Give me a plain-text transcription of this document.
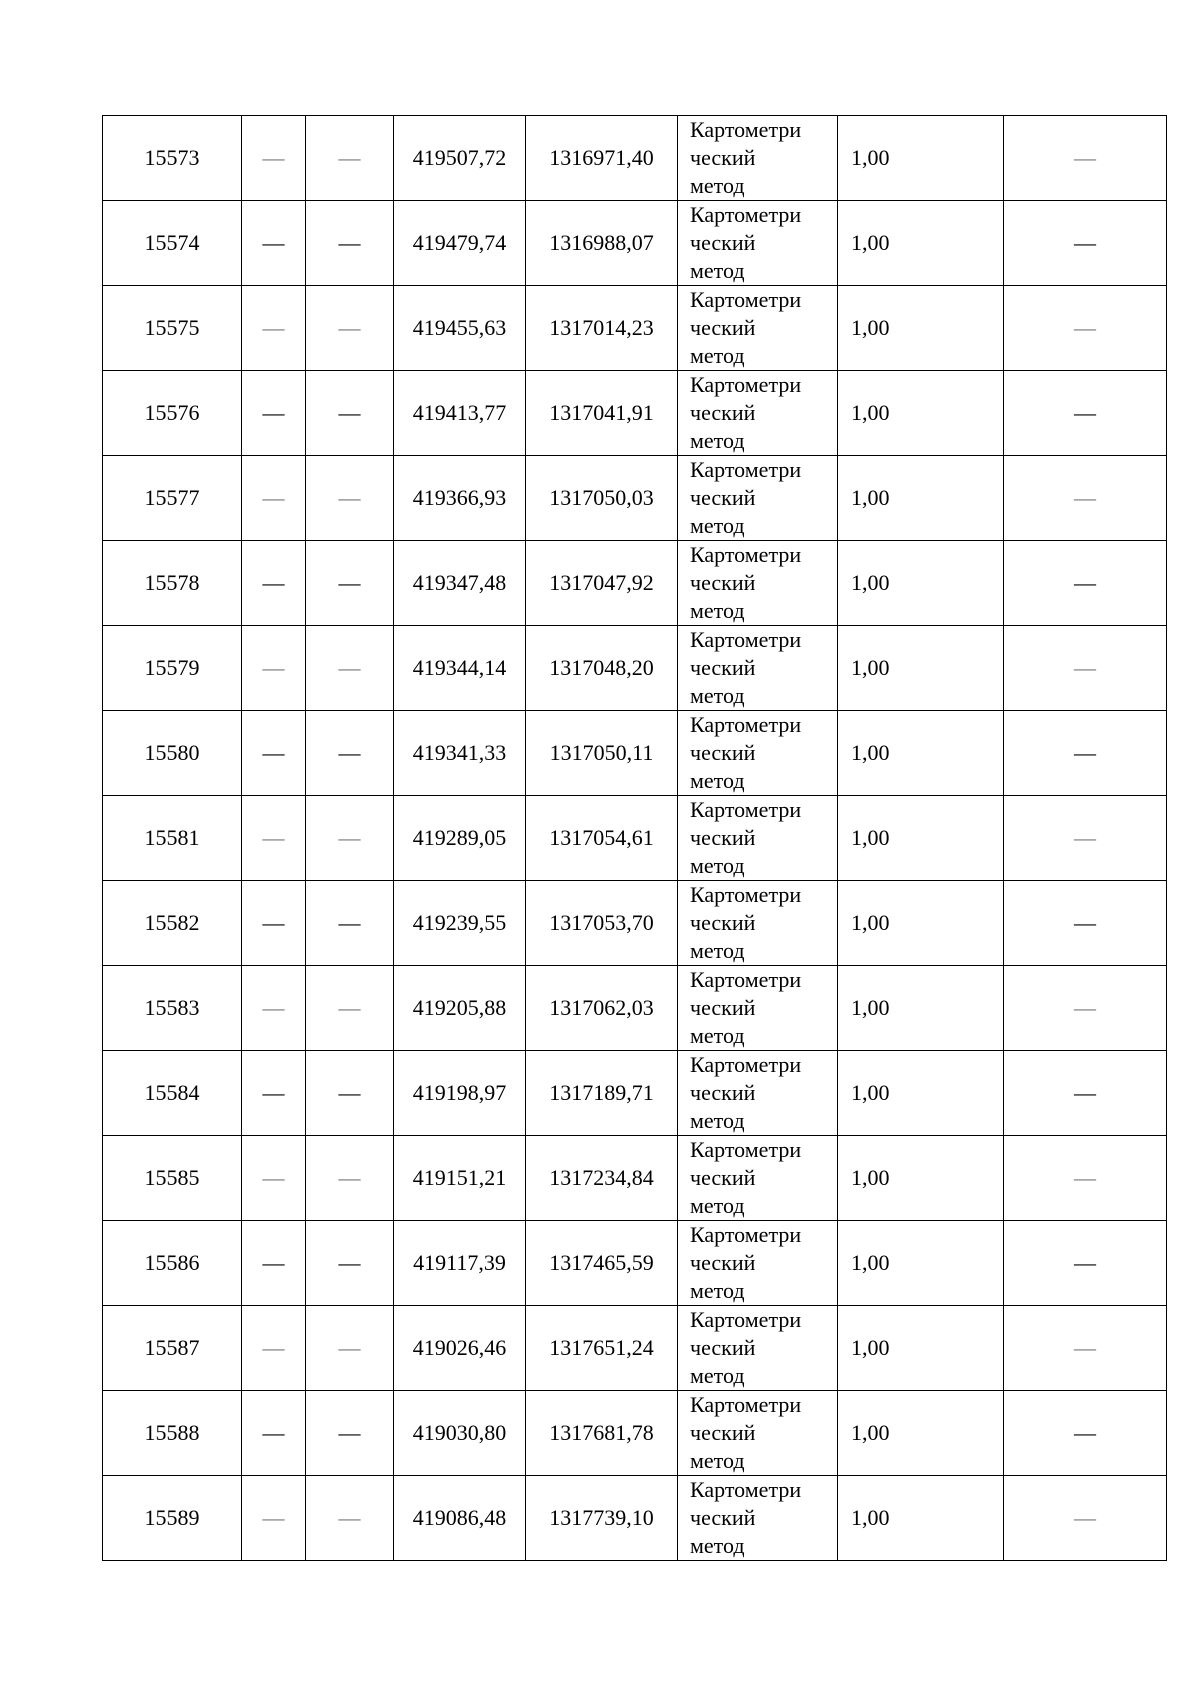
15573	—	—	419507,72	1316971,40	Картометри
ческий
метод	1,00	—
15574	—	—	419479,74	1316988,07	Картометри
ческий
метод	1,00	—
15575	—	—	419455,63	1317014,23	Картометри
ческий
метод	1,00	—
15576	—	—	419413,77	1317041,91	Картометри
ческий
метод	1,00	—
15577	—	—	419366,93	1317050,03	Картометри
ческий
метод	1,00	—
15578	—	—	419347,48	1317047,92	Картометри
ческий
метод	1,00	—
15579	—	—	419344,14	1317048,20	Картометри
ческий
метод	1,00	—
15580	—	—	419341,33	1317050,11	Картометри
ческий
метод	1,00	—
15581	—	—	419289,05	1317054,61	Картометри
ческий
метод	1,00	—
15582	—	—	419239,55	1317053,70	Картометри
ческий
метод	1,00	—
15583	—	—	419205,88	1317062,03	Картометри
ческий
метод	1,00	—
15584	—	—	419198,97	1317189,71	Картометри
ческий
метод	1,00	—
15585	—	—	419151,21	1317234,84	Картометри
ческий
метод	1,00	—
15586	—	—	419117,39	1317465,59	Картометри
ческий
метод	1,00	—
15587	—	—	419026,46	1317651,24	Картометри
ческий
метод	1,00	—
15588	—	—	419030,80	1317681,78	Картометри
ческий
метод	1,00	—
15589	—	—	419086,48	1317739,10	Картометри
ческий
метод	1,00	—
